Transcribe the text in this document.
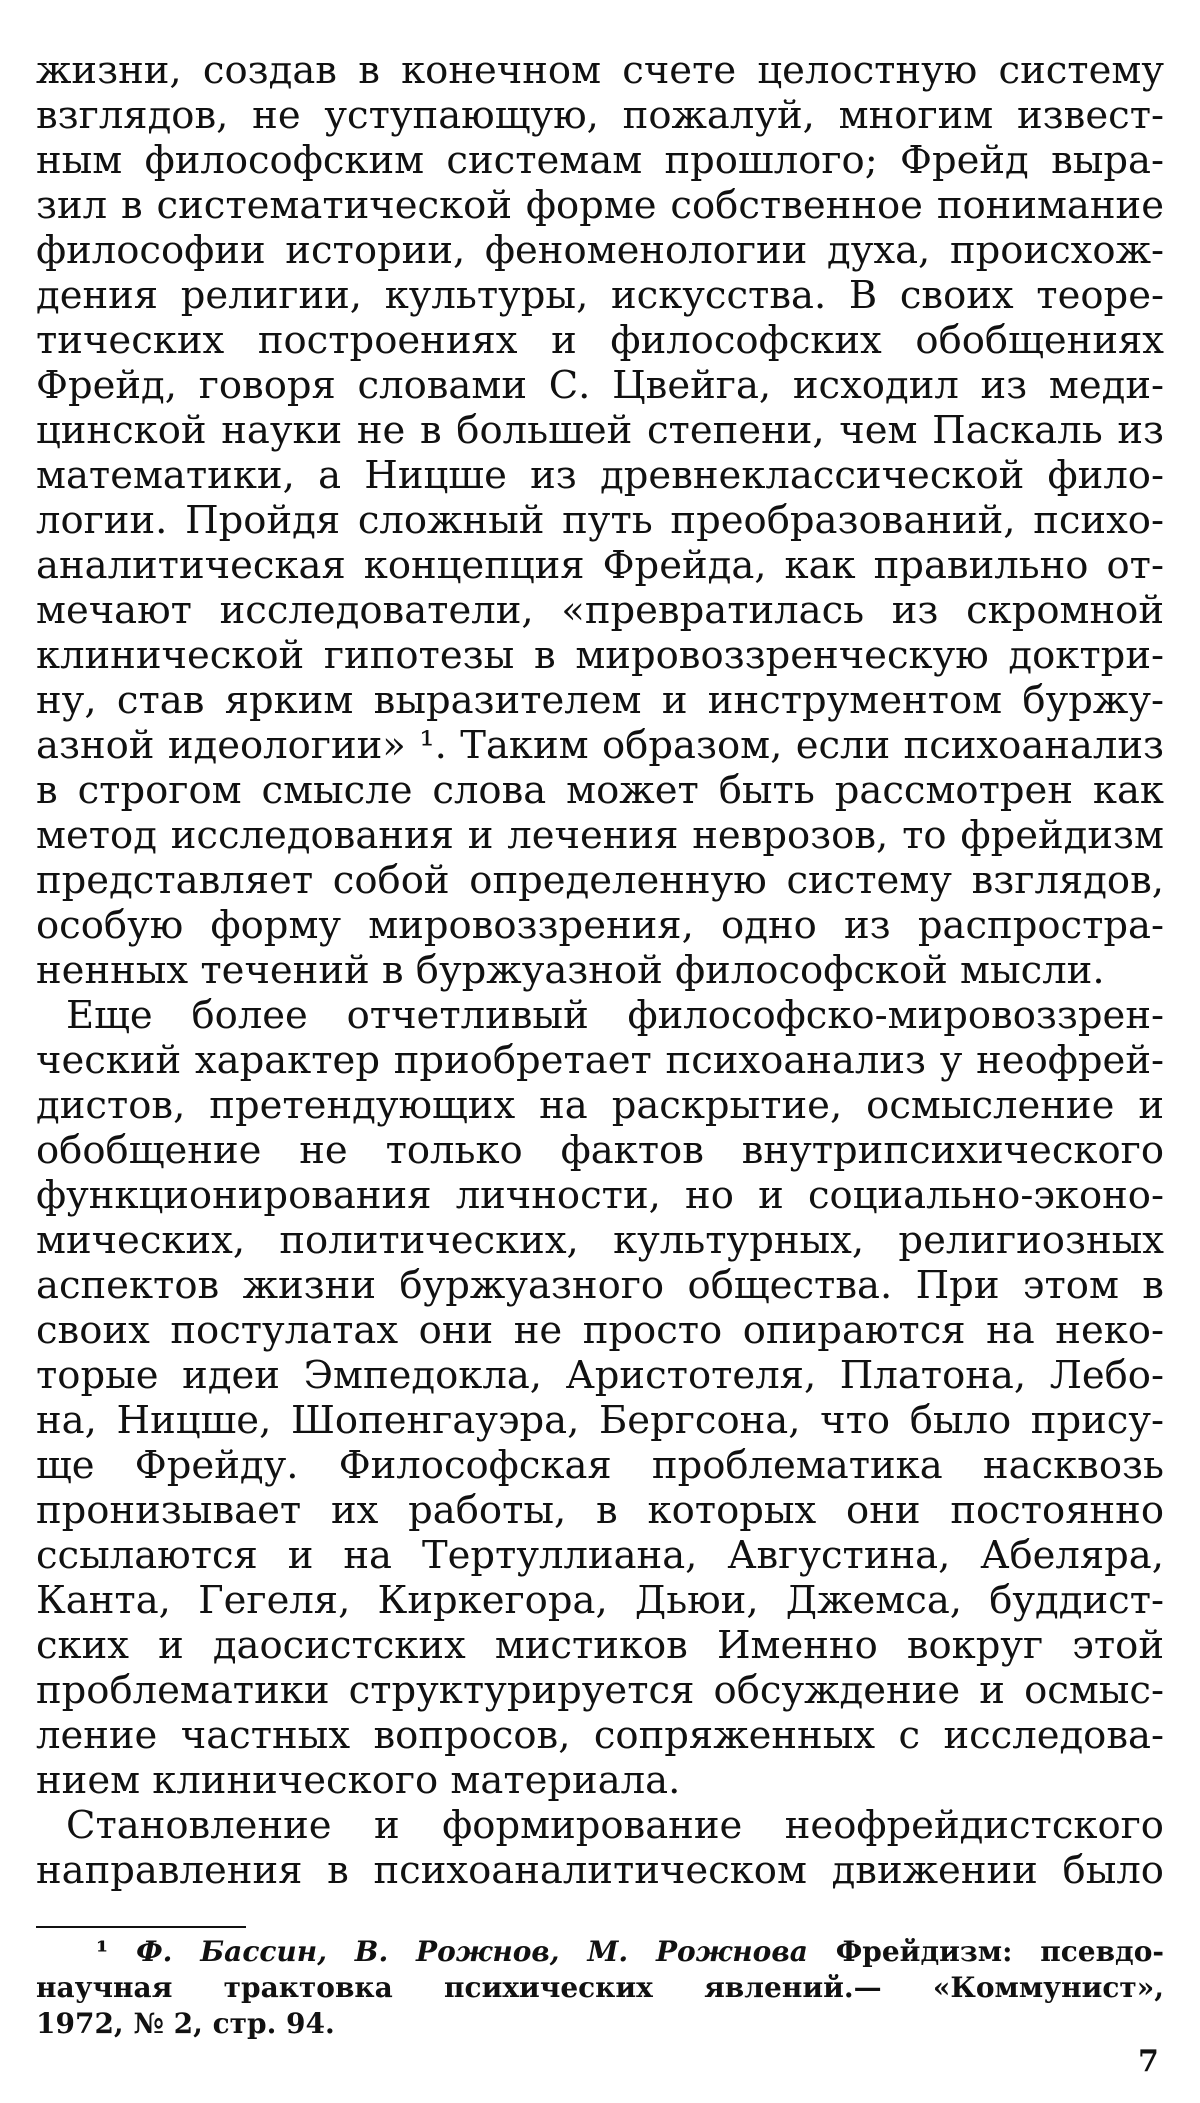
жизни, создав в конечном счете целостную систему
взглядов, не уступающую, пожалуй, многим извест-
ным философским системам прошлого; Фрейд выра-
зил в систематической форме собственное понимание
философии истории, феноменологии духа, происхож-
дения религии, культуры, искусства. В своих теоре-
тических построениях и философских обобщениях
Фрейд, говоря словами С. Цвейга, исходил из меди-
цинской науки не в большей степени, чем Паскаль из
математики, а Ницше из древнеклассической фило-
логии. Пройдя сложный путь преобразований, психо-
аналитическая концепция Фрейда, как правильно от-
мечают исследователи, «превратилась из скромной
клинической гипотезы в мировоззренческую доктри-
ну, став ярким выразителем и инструментом буржу-
азной идеологии» ¹. Таким образом, если психоанализ
в строгом смысле слова может быть рассмотрен как
метод исследования и лечения неврозов, то фрейдизм
представляет собой определенную систему взглядов,
особую форму мировоззрения, одно из распростра-
ненных течений в буржуазной философской мысли.
Еще более отчетливый философско-мировоззрен-
ческий характер приобретает психоанализ у неофрей-
дистов, претендующих на раскрытие, осмысление и
обобщение не только фактов внутрипсихического
функционирования личности, но и социально-эконо-
мических, политических, культурных, религиозных
аспектов жизни буржуазного общества. При этом в
своих постулатах они не просто опираются на неко-
торые идеи Эмпедокла, Аристотеля, Платона, Лебо-
на, Ницше, Шопенгауэра, Бергсона, что было прису-
ще Фрейду. Философская проблематика насквозь
пронизывает их работы, в которых они постоянно
ссылаются и на Тертуллиана, Августина, Абеляра,
Канта, Гегеля, Киркегора, Дьюи, Джемса, буддист-
ских и даосистских мистиков Именно вокруг этой
проблематики структурируется обсуждение и осмыс-
ление частных вопросов, сопряженных с исследова-
нием клинического материала.
Становление и формирование неофрейдистского
направления в психоаналитическом движении было
¹ Ф. Бассин, В. Рожнов, М. Рожнова Фрейдизм: псевдо-
научная трактовка психических явлений.— «Коммунист»,
1972, № 2, стр. 94.
7
